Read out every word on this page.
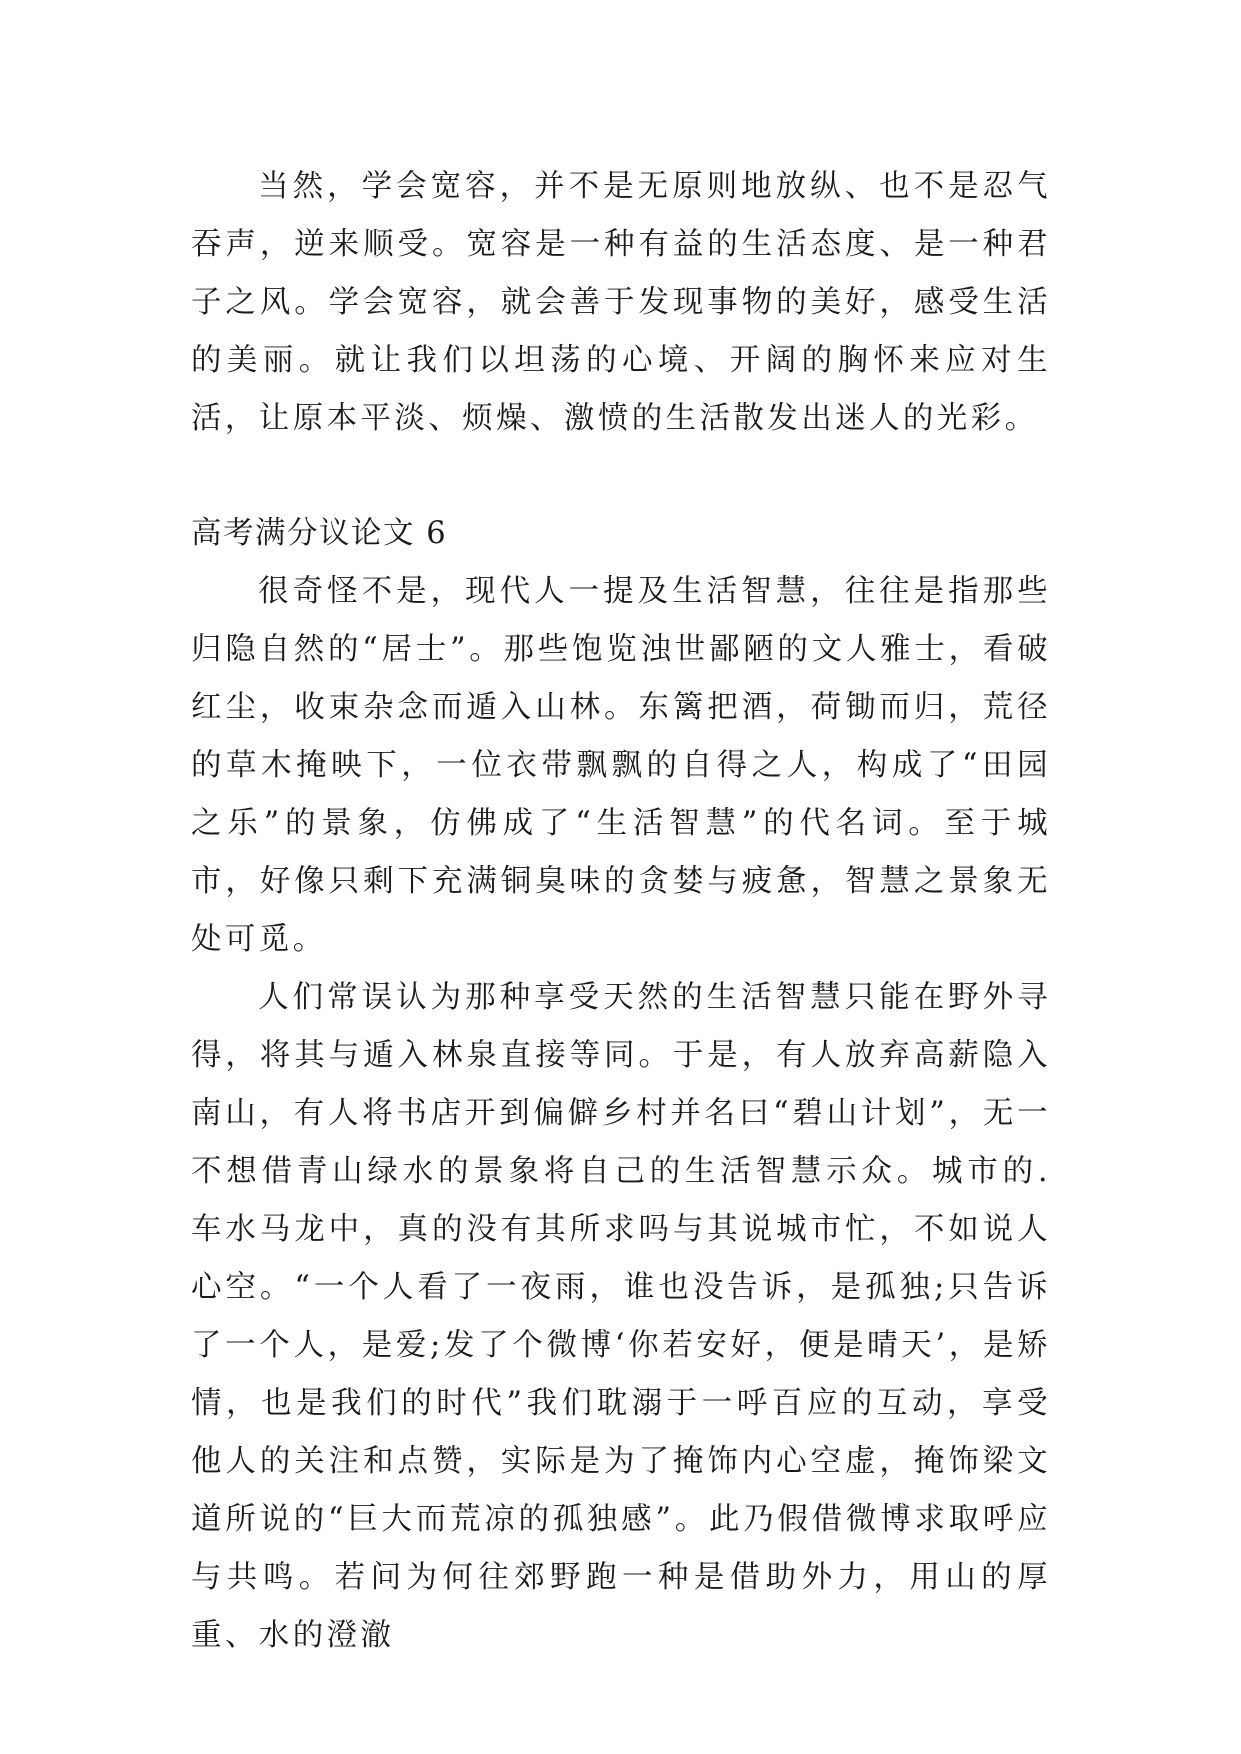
当然，学会宽容，并不是无原则地放纵、也不是忍气吞声，逆来顺受。宽容是一种有益的生活态度、是一种君子之风。学会宽容，就会善于发现事物的美好，感受生活的美丽。就让我们以坦荡的心境、开阔的胸怀来应对生活，让原本平淡、烦燥、激愤的生活散发出迷人的光彩。

高考满分议论文 6

很奇怪不是，现代人一提及生活智慧，往往是指那些归隐自然的“居士”。那些饱览浊世鄙陋的文人雅士，看破红尘，收束杂念而遁入山林。东篱把酒，荷锄而归，荒径的草木掩映下，一位衣带飘飘的自得之人，构成了“田园之乐”的景象，仿佛成了“生活智慧”的代名词。至于城市，好像只剩下充满铜臭味的贪婪与疲惫，智慧之景象无处可觅。

人们常误认为那种享受天然的生活智慧只能在野外寻得，将其与遁入林泉直接等同。于是，有人放弃高薪隐入南山，有人将书店开到偏僻乡村并名曰“碧山计划”，无一不想借青山绿水的景象将自己的生活智慧示众。城市的.车水马龙中，真的没有其所求吗与其说城市忙，不如说人心空。“一个人看了一夜雨，谁也没告诉，是孤独;只告诉了一个人，是爱;发了个微博‘你若安好，便是晴天’，是矫情，也是我们的时代”我们耽溺于一呼百应的互动，享受他人的关注和点赞，实际是为了掩饰内心空虚，掩饰梁文道所说的“巨大而荒凉的孤独感”。此乃假借微博求取呼应与共鸣。若问为何往郊野跑一种是借助外力，用山的厚重、水的澄澈
